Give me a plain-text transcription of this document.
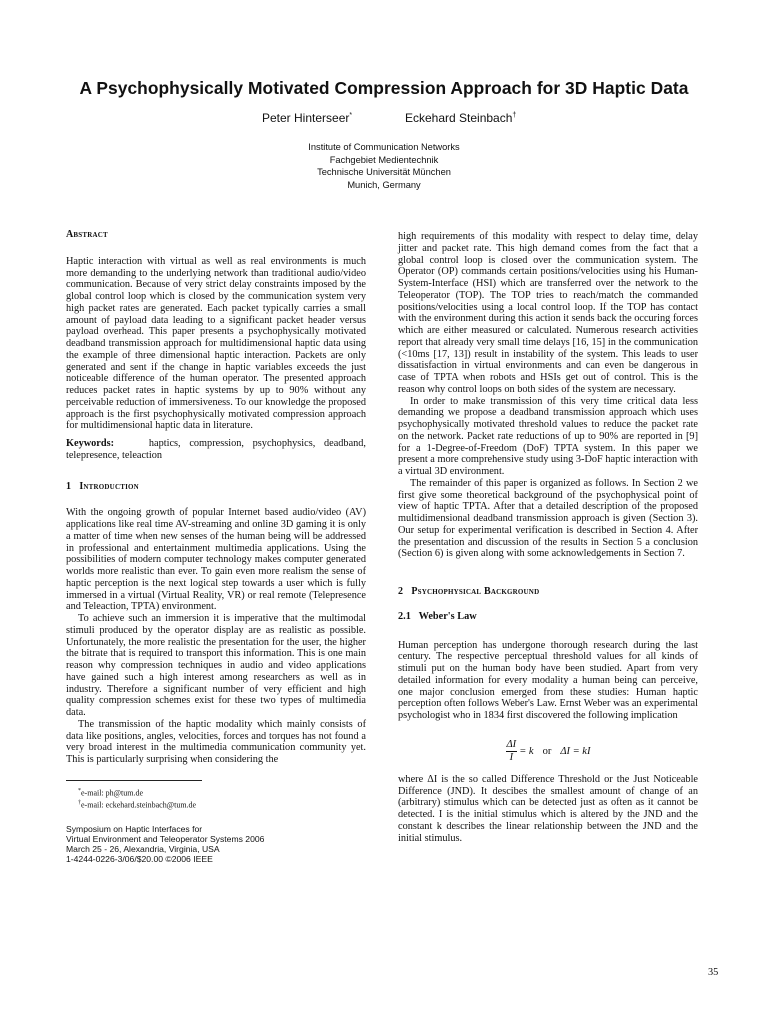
A Psychophysically Motivated Compression Approach for 3D Haptic Data
Peter Hinterseer*	Eckehard Steinbach†
Institute of Communication Networks
Fachgebiet Medientechnik
Technische Universität München
Munich, Germany
Abstract

Haptic interaction with virtual as well as real environments is much more demanding to the underlying network than traditional audio/video communication. Because of very strict delay constraints imposed by the global control loop which is closed by the communication system very high packet rates are generated. Each packet typically carries a small amount of payload data leading to a significant packet header versus payload overhead. This paper presents a psychophysically motivated deadband transmission approach for multidimensional haptic data using the example of three dimensional haptic interaction. Packets are only generated and sent if the change in haptic variables exceeds the just noticeable difference of the human operator. The presented approach reduces packet rates in haptic systems by up to 90% without any perceivable reduction of immersiveness. To our knowledge the proposed approach is the first psychophysically motivated compression approach for multidimensional haptic data in literature.

Keywords:	haptics, compression, psychophysics, deadband, telepresence, teleaction

1 Introduction

With the ongoing growth of popular Internet based audio/video (AV) applications like real time AV-streaming and online 3D gaming it is only a matter of time when new senses of the human being will be addressed in professional and entertainment multimedia applications. Using the possibilities of modern computer technology makes computer generated worlds more realistic than ever. To gain even more realism the sense of haptic perception is the next logical step towards a user which is fully immersed in a virtual (Virtual Reality, VR) or real remote (Telepresence and Teleaction, TPTA) environment.

To achieve such an immersion it is imperative that the multimodal stimuli produced by the operator display are as realistic as possible. Unfortunately, the more realistic the presentation for the user, the higher the bitrate that is required to transport this information. This is one main reason why compression techniques in audio and video applications have gained such a high interest among researchers as well as in industry. Therefore a significant number of very efficient and high quality compression schemes exist for these two types of multimedia data.

The transmission of the haptic modality which mainly consists of data like positions, angles, velocities, forces and torques has not found a very broad interest in the multimedia communication community yet. This is particularly surprising when considering the

*e-mail: ph@tum.de

†e-mail: eckehard.steinbach@tum.de

Symposium on Haptic Interfaces for
Virtual Environment and Teleoperator Systems 2006
March 25 - 26, Alexandria, Virginia, USA
1-4244-0226-3/06/$20.00 ©2006 IEEE

high requirements of this modality with respect to delay time, delay jitter and packet rate. This high demand comes from the fact that a global control loop is closed over the communication system. The Operator (OP) commands certain positions/velocities using his Human-System-Interface (HSI) which are transferred over the network to the Teleoperator (TOP). The TOP tries to reach/match the commanded positions/velocities using a local control loop. If the TOP has contact with the environment during this action it sends back the occuring forces which are either measured or calculated. Numerous research activities report that already very small time delays [16, 15] in the communication (<10ms [17, 13]) result in instability of the system. This leads to user dissatisfaction in virtual environments and can even be dangerous in case of TPTA when robots and HSIs get out of control. This is the reason why control loops on both sides of the system are necessary.

In order to make transmission of this very time critical data less demanding we propose a deadband transmission approach which uses psychophysically motivated threshold values to reduce the packet rate on the network. Packet rate reductions of up to 90% are reported in [9] for a 1-Degree-of-Freedom (DoF) TPTA system. In this paper we present a more comprehensive study using 3-DoF haptic interaction with a virtual 3D environment.

The remainder of this paper is organized as follows. In Section 2 we first give some theoretical background of the psychophysical point of view of haptic TPTA. After that a detailed description of the proposed multidimensional deadband transmission approach is given (Section 3). Our setup for experimental verification is described in Section 4. After the presentation and discussion of the results in Section 5 a conclusion (Section 6) is given along with some acknowledgements in Section 7.

2 Psychophysical Background
2.1 Weber's Law

Human perception has undergone thorough research during the last century. The respective perceptual threshold values for all kinds of stimuli put on the human body have been studied. Apart from very detailed information for every modality a human being can perceive, one major conclusion emerged from these studies: Human haptic perception often follows Weber's Law. Ernst Weber was an experimental psychologist who in 1834 first discovered the following implication

$\frac{\Delta I}{I} = k$ or ΔI = kI

where ΔI is the so called Difference Threshold or the Just Noticeable Difference (JND). It descibes the smallest amount of change of an (arbitrary) stimulus which can be detected just as often as it cannot be detected. I is the initial stimulus which is altered by the JND and the constant k describes the linear relationship between the JND and the initial stimulus.

35
